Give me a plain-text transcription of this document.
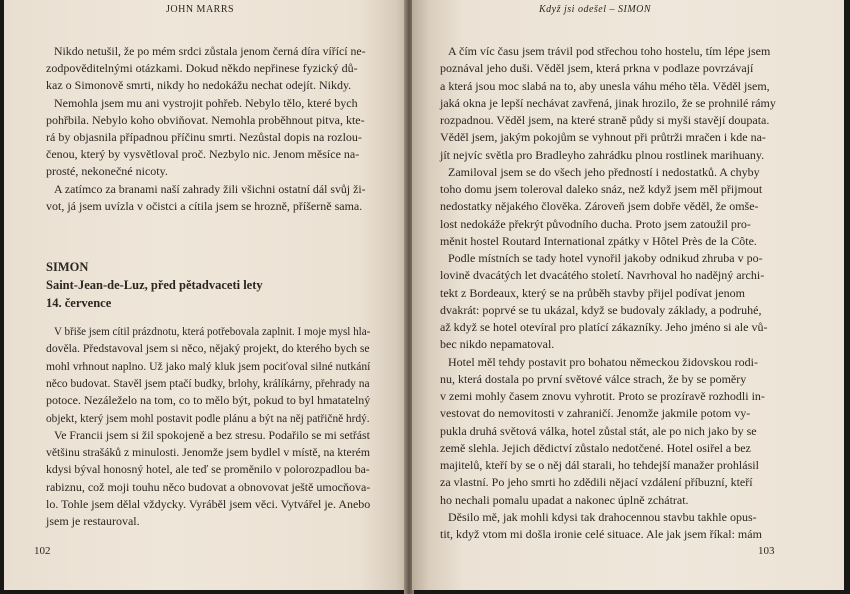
JOHN MARRS
Nikdo netušil, že po mém srdci zůstala jenom černá díra vířící ne-
zodpověditelnými otázkami. Dokud někdo nepřinese fyzický dů-
kaz o Simonově smrti, nikdy ho nedokážu nechat odejít. Nikdy.
Nemohla jsem mu ani vystrojit pohřeb. Nebylo tělo, které bych
pohřbila. Nebylo koho obviňovat. Nemohla proběhnout pitva, kte-
rá by objasnila případnou příčinu smrti. Nezůstal dopis na rozlou-
čenou, který by vysvětloval proč. Nezbylo nic. Jenom měsíce na-
prosté, nekonečné nicoty.
A zatímco za branami naší zahrady žili všichni ostatní dál svůj ži-
vot, já jsem uvízla v očistci a cítila jsem se hrozně, příšerně sama.
SIMON
Saint-Jean-de-Luz, před pětadvaceti lety
14. července
V břiše jsem cítil prázdnotu, která potřebovala zaplnit. I moje mysl hla-
dověla. Představoval jsem si něco, nějaký projekt, do kterého bych se
mohl vrhnout naplno. Už jako malý kluk jsem pociťoval silné nutkání
něco budovat. Stavěl jsem ptačí budky, brlohy, králíkárny, přehrady na
potoce. Nezáleželo na tom, co to mělo být, pokud to byl hmatatelný
objekt, který jsem mohl postavit podle plánu a být na něj patřičně hrdý.
Ve Francii jsem si žil spokojeně a bez stresu. Podařilo se mi setřást
většinu strašáků z minulosti. Jenomže jsem bydlel v místě, na kterém
kdysi býval honosný hotel, ale teď se proměnilo v polorozpadlou ba-
rabiznu, což moji touhu něco budovat a obnovovat ještě umocňova-
lo. Tohle jsem dělal vždycky. Vyráběl jsem věci. Vytvářel je. Anebo
jsem je restauroval.
102
Když jsi odešel – SIMON
A čím víc času jsem trávil pod střechou toho hostelu, tím lépe jsem
poznával jeho duši. Věděl jsem, která prkna v podlaze povrzávají
a která jsou moc slabá na to, aby unesla váhu mého těla. Věděl jsem,
jaká okna je lepší nechávat zavřená, jinak hrozilo, že se prohnilé rámy
rozpadnou. Věděl jsem, na které straně půdy si myši stavějí doupata.
Věděl jsem, jakým pokojům se vyhnout při průtrži mračen i kde na-
jít nejvíc světla pro Bradleyho zahrádku plnou rostlinek marihuany.
Zamiloval jsem se do všech jeho předností i nedostatků. A chyby
toho domu jsem toleroval daleko snáz, než když jsem měl přijmout
nedostatky nějakého člověka. Zároveň jsem dobře věděl, že omše-
lost nedokáže překrýt původního ducha. Proto jsem zatoužil pro-
měnit hostel Routard International zpátky v Hôtel Près de la Côte.
Podle místních se tady hotel vynořil jakoby odnikud zhruba v po-
lovině dvacátých let dvacátého století. Navrhoval ho nadějný archi-
tekt z Bordeaux, který se na průběh stavby přijel podívat jenom
dvakrát: poprvé se tu ukázal, když se budovaly základy, a podruhé,
až když se hotel otevíral pro platící zákazníky. Jeho jméno si ale vů-
bec nikdo nepamatoval.
Hotel měl tehdy postavit pro bohatou německou židovskou rodi-
nu, která dostala po první světové válce strach, že by se poměry
v zemi mohly časem znovu vyhrotit. Proto se prozíravě rozhodli in-
vestovat do nemovitosti v zahraničí. Jenomže jakmile potom vy-
pukla druhá světová válka, hotel zůstal stát, ale po nich jako by se
země slehla. Jejich dědictví zůstalo nedotčené. Hotel osiřel a bez
majitelů, kteří by se o něj dál starali, ho tehdejší manažer prohlásil
za vlastní. Po jeho smrti ho zdědili nějací vzdálení příbuzní, kteří
ho nechali pomalu upadat a nakonec úplně zchátrat.
Děsilo mě, jak mohli kdysi tak drahocennou stavbu takhle opus-
tit, když vtom mi došla ironie celé situace. Ale jak jsem říkal: mám
103
